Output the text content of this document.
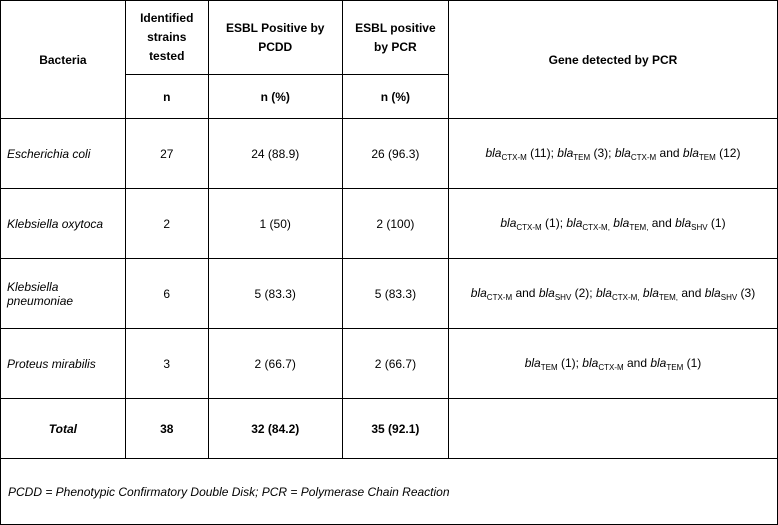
Bacteria	Identified strains tested	ESBL Positive by PCDD	ESBL positive by PCR	Gene detected by PCR
	n	n (%)	n (%)	
Escherichia coli	27	24 (88.9)	26 (96.3)	bla$_{CTX-M}$ (11); bla$_{TEM}$ (3); bla$_{CTX-M}$ and bla$_{TEM}$ (12)
Klebsiella oxytoca	2	1 (50)	2 (100)	bla$_{CTX-M}$ (1); bla$_{CTX-M,}$ bla$_{TEM,}$ and bla$_{SHV}$ (1)
Klebsiella pneumoniae	6	5 (83.3)	5 (83.3)	bla$_{CTX-M}$ and bla$_{SHV}$ (2); bla$_{CTX-M,}$ bla$_{TEM,}$ and bla$_{SHV}$ (3)
Proteus mirabilis	3	2 (66.7)	2 (66.7)	bla$_{TEM}$ (1); bla$_{CTX-M}$ and bla$_{TEM}$ (1)
Total	38	32 (84.2)	35 (92.1)	
PCDD = Phenotypic Confirmatory Double Disk; PCR = Polymerase Chain Reaction				
